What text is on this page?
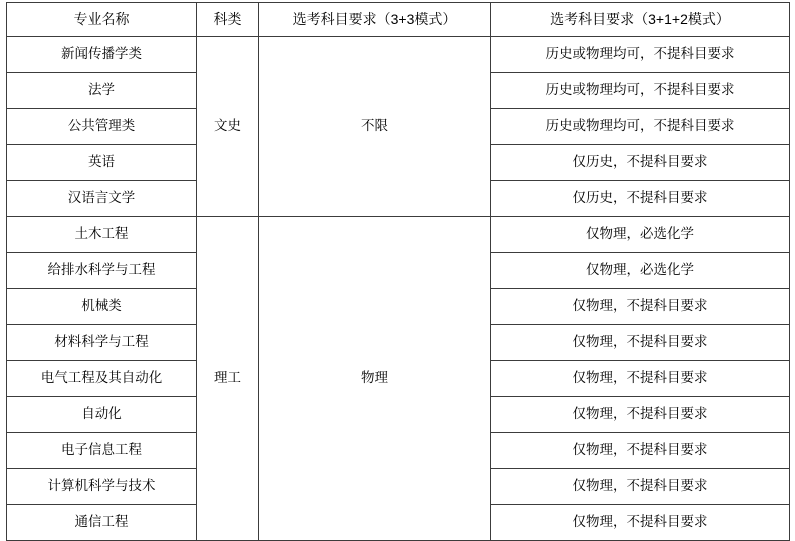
专业名称	科类	选考科目要求（3+3模式）	选考科目要求（3+1+2模式）

新闻传播学类	文史	不限	历史或物理均可，不提科目要求

法学			历史或物理均可，不提科目要求

公共管理类			历史或物理均可，不提科目要求

英语			仅历史，不提科目要求

汉语言文学			仅历史，不提科目要求

土木工程	理工	物理	仅物理，必选化学

给排水科学与工程			仅物理，必选化学

机械类			仅物理，不提科目要求

材料科学与工程			仅物理，不提科目要求

电气工程及其自动化			仅物理，不提科目要求

自动化			仅物理，不提科目要求

电子信息工程			仅物理，不提科目要求

计算机科学与技术			仅物理，不提科目要求

通信工程			仅物理，不提科目要求
